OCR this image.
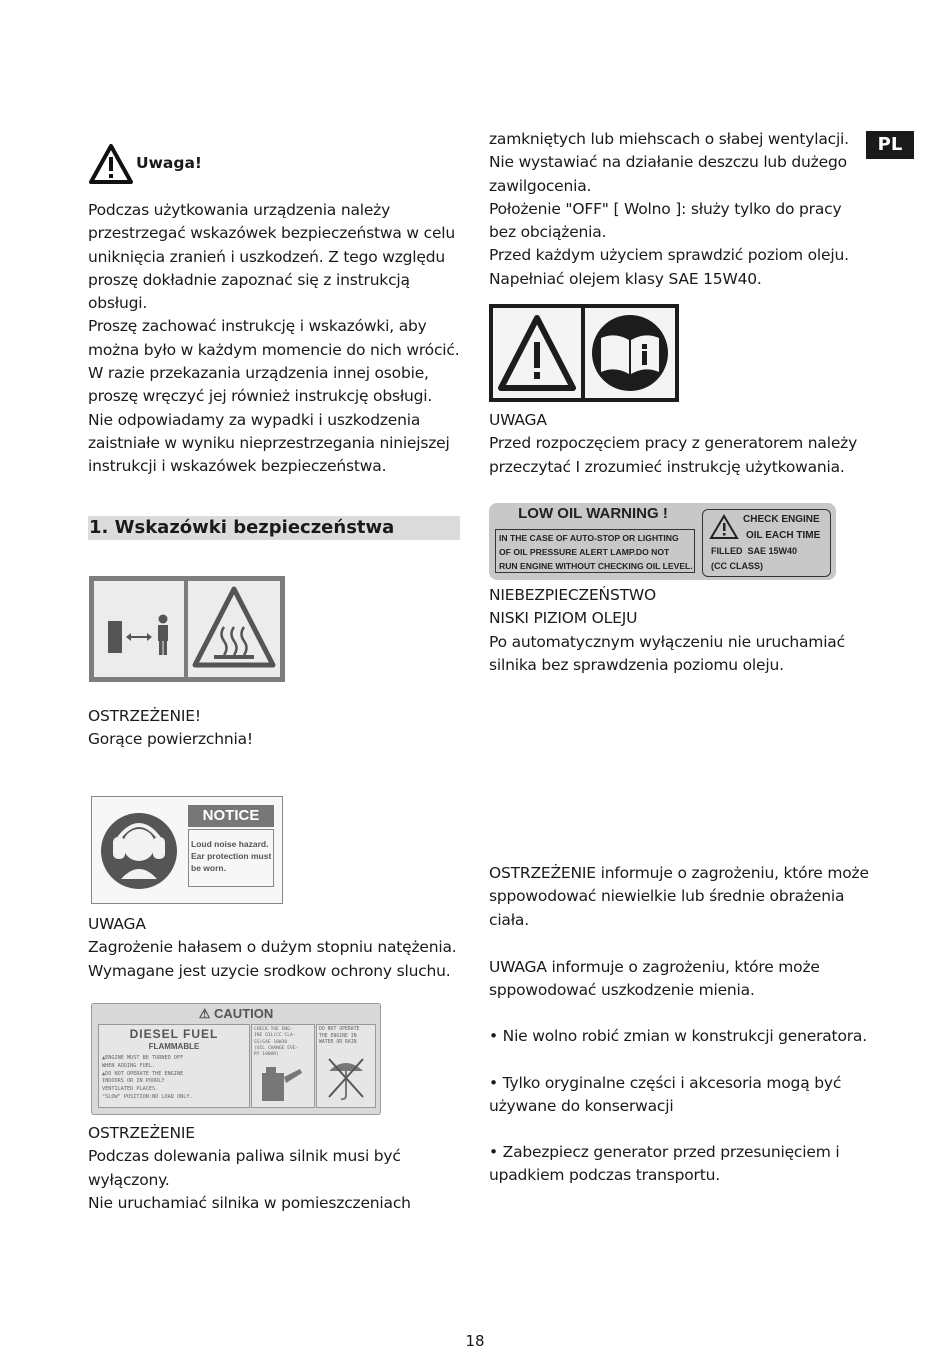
PL
Uwaga!
Podczas użytkowania urządzenia należy
przestrzegać wskazówek bezpieczeństwa w celu
uniknięcia zranień i uszkodzeń. Z tego względu
proszę dokładnie zapoznać się z instrukcją
obsługi.
Proszę zachować instrukcję i wskazówki, aby
można było w każdym momencie do nich wrócić.
W razie przekazania urządzenia innej osobie,
proszę wręczyć jej również instrukcję obsługi.
Nie odpowiadamy za wypadki i uszkodzenia
zaistniałe w wyniku nieprzestrzegania niniejszej
instrukcji i wskazówek bezpieczeństwa.
1. Wskazówki bezpieczeństwa
OSTRZEŻENIE!
Gorące powierzchnia!
NOTICE
Loud noise hazard.
Ear protection must
be worn.
UWAGA
Zagrożenie hałasem o dużym stopniu natężenia.
Wymagane jest uzycie srodkow ochrony sluchu.
⚠ CAUTION
DIESEL FUEL
FLAMMABLE
▲ENGINE MUST BE TURNED OFF
WHEN ADDING FUEL.
▲DO NOT OPERATE THE ENGINE
INDOORS OR IN POORLY
VENTILATED PLACES.
"SLOW" POSITION:NO LOAD ONLY.
CHECK THE ENG-
INE OIL(CC CLA-
SS)SAE 10W30
(OIL CHANGE EVE-
RY 100HR)
DO NOT OPERATE
THE ENGINE IN
WATER OR RAIN
OSTRZEŻENIE
Podczas dolewania paliwa silnik musi być
wyłączony.
Nie uruchamiać silnika w pomieszczeniach
zamkniętych lub miehscach o słabej wentylacji.
Nie wystawiać na działanie deszczu lub dużego
zawilgocenia.
Położenie "OFF" [ Wolno ]: służy tylko do pracy
bez obciążenia.
Przed każdym użyciem sprawdzić poziom oleju.
Napełniać olejem klasy SAE 15W40.
UWAGA
Przed rozpoczęciem pracy z generatorem należy
przeczytać I zrozumieć instrukcję użytkowania.
LOW OIL WARNING !
IN THE CASE OF AUTO-STOP OR LIGHTING
OF OIL PRESSURE ALERT LAMP.DO NOT
RUN ENGINE WITHOUT CHECKING OIL LEVEL.
CHECK ENGINE
OIL EACH TIME
FILLED  SAE 15W40
(CC CLASS)
NIEBEZPIECZEŃSTWO
NISKI PIZIOM OLEJU
Po automatycznym wyłączeniu nie uruchamiać
silnika bez sprawdzenia poziomu oleju.
OSTRZEŻENIE informuje o zagrożeniu, które może
sppowodować niewielkie lub średnie obrażenia
ciała.
UWAGA informuje o zagrożeniu, które może
sppowodować uszkodzenie mienia.
• Nie wolno robić zmian w konstrukcji generatora.
• Tylko oryginalne części i akcesoria mogą być
używane do konserwacji
• Zabezpiecz generator przed przesunięciem i
upadkiem podczas transportu.
18
